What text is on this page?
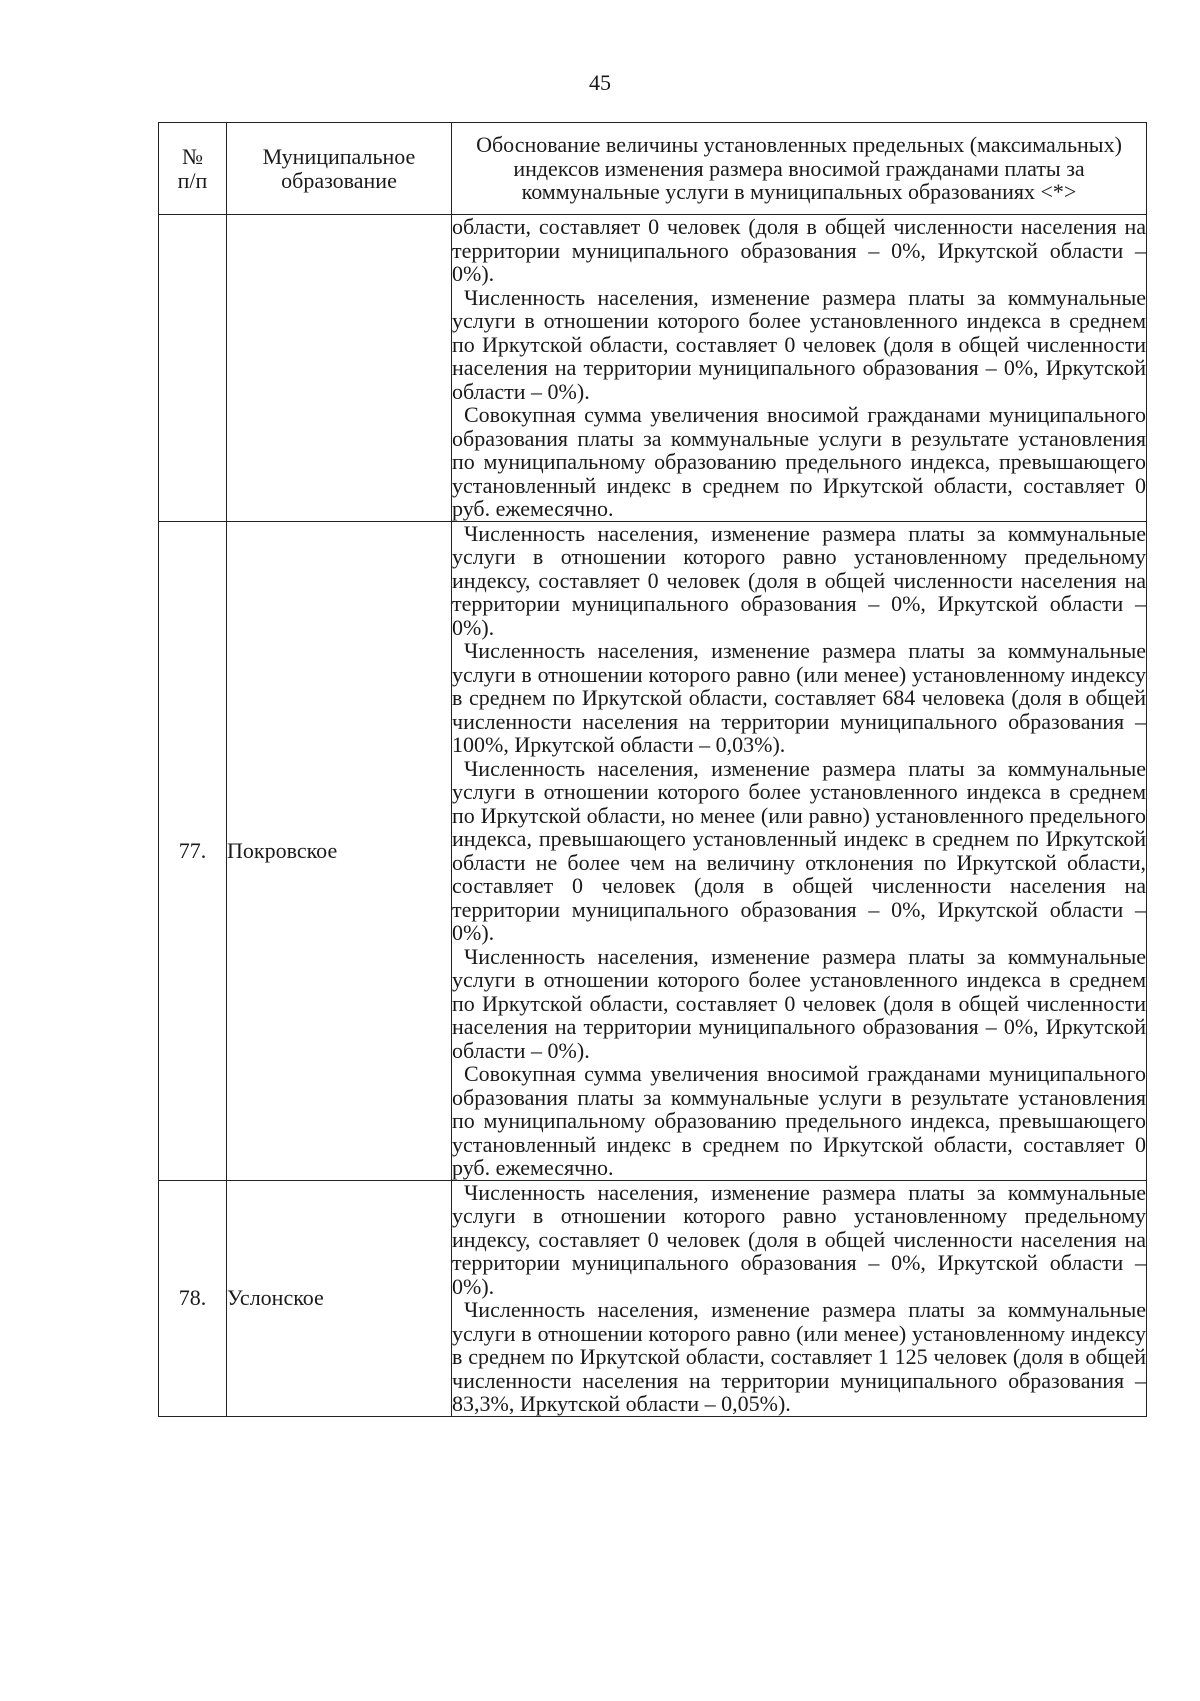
45
№ п/п	Муниципальное образование	Обоснование величины установленных предельных (максимальных) индексов изменения размера вносимой гражданами платы за коммунальные услуги в муниципальных образованиях <*>

		области, составляет 0 человек (доля в общей численности населения на территории муниципального образования – 0%, Иркутской области – 0%).

Численность населения, изменение размера платы за коммунальные услуги в отношении которого более установленного индекса в среднем по Иркутской области, составляет 0 человек (доля в общей численности населения на территории муниципального образования – 0%, Иркутской области – 0%).

Совокупная сумма увеличения вносимой гражданами муниципального образования платы за коммунальные услуги в результате установления по муниципальному образованию предельного индекса, превышающего установленный индекс в среднем по Иркутской области, составляет 0 руб. ежемесячно.

77.	Покровское	Численность населения, изменение размера платы за коммунальные услуги в отношении которого равно установленному предельному индексу, составляет 0 человек (доля в общей численности населения на территории муниципального образования – 0%, Иркутской области – 0%).

Численность населения, изменение размера платы за коммунальные услуги в отношении которого равно (или менее) установленному индексу в среднем по Иркутской области, составляет 684 человека (доля в общей численности населения на территории муниципального образования – 100%, Иркутской области – 0,03%).

Численность населения, изменение размера платы за коммунальные услуги в отношении которого более установленного индекса в среднем по Иркутской области, но менее (или равно) установленного предельного индекса, превышающего установленный индекс в среднем по Иркутской области не более чем на величину отклонения по Иркутской области, составляет 0 человек (доля в общей численности населения на территории муниципального образования – 0%, Иркутской области – 0%).

Численность населения, изменение размера платы за коммунальные услуги в отношении которого более установленного индекса в среднем по Иркутской области, составляет 0 человек (доля в общей численности населения на территории муниципального образования – 0%, Иркутской области – 0%).

Совокупная сумма увеличения вносимой гражданами муниципального образования платы за коммунальные услуги в результате установления по муниципальному образованию предельного индекса, превышающего установленный индекс в среднем по Иркутской области, составляет 0 руб. ежемесячно.

78.	Услонское	Численность населения, изменение размера платы за коммунальные услуги в отношении которого равно установленному предельному индексу, составляет 0 человек (доля в общей численности населения на территории муниципального образования – 0%, Иркутской области – 0%).

Численность населения, изменение размера платы за коммунальные услуги в отношении которого равно (или менее) установленному индексу в среднем по Иркутской области, составляет 1 125 человек (доля в общей численности населения на территории муниципального образования – 83,3%, Иркутской области – 0,05%).
